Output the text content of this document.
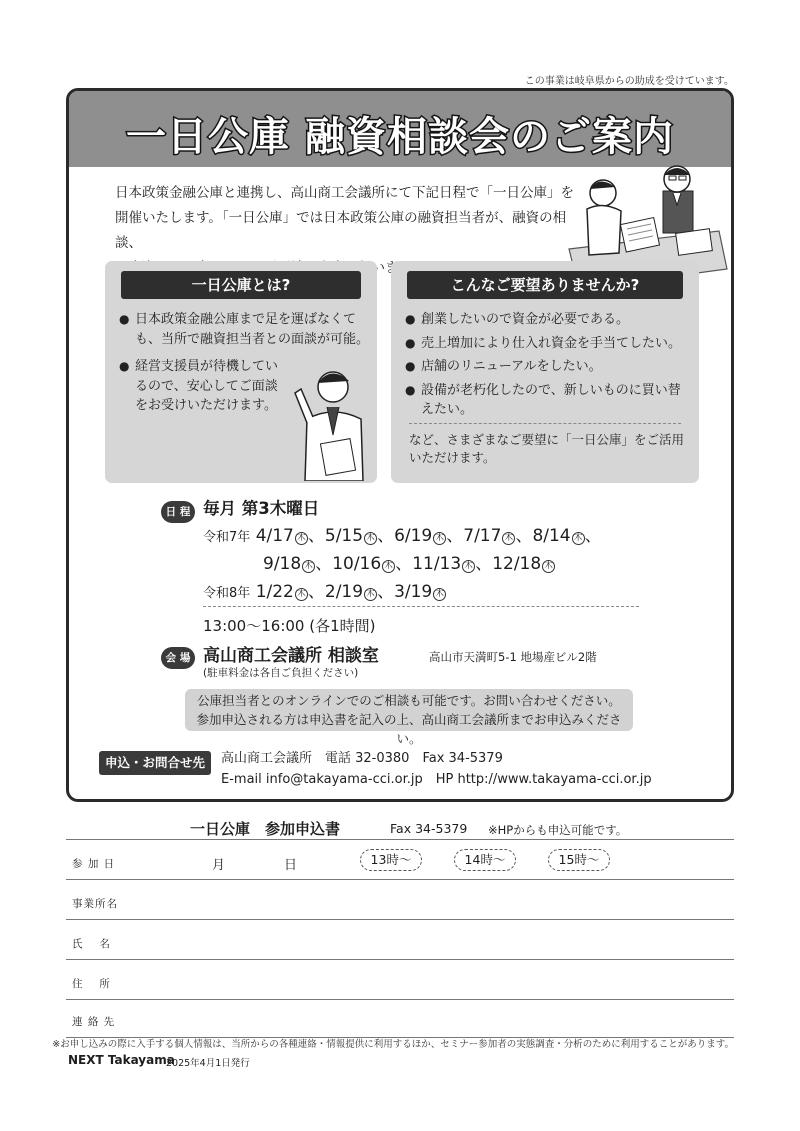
この事業は岐阜県からの助成を受けています。
一日公庫 融資相談会のご案内
日本政策金融公庫と連携し、高山商工会議所にて下記日程で「一日公庫」を
開催いたします。「一日公庫」では日本政策公庫の融資担当者が、融資の相談、
一日公庫とは?
● 日本政策金融公庫まで足を運ばなくても、当所で融資担当者との面談が可能。
● 経営支援員が待機しているので、安心してご面談をお受けいただけます。
こんなご要望ありませんか?
● 創業したいので資金が必要である。
● 売上増加により仕入れ資金を手当てしたい。
● 店舗のリニューアルをしたい。
● 設備が老朽化したので、新しいものに買い替えたい。
など、さまざまなご要望に「一日公庫」をご活用いただけます。
日 程 毎月 第3木曜日
令和7年 4/17 木 、5/15 木 、6/19 木 、7/17 木 、8/14 木 、
9/18 木 、10/16 木 、11/13 木 、12/18 木
令和8年 1/22 木 、2/19 木 、3/19 木
13:00〜16:00 (各1時間)
会 場 高山商工会議所 相談室	高山市天満町5-1 地場産ビル2階
(駐車料金は各自ご負担ください)
公庫担当者とのオンラインでのご相談も可能です。お問い合わせください。
参加申込される方は申込書を記入の上、高山商工会議所までお申込みください。
申込・お問合せ先	高山商工会議所　電話 32-0380　Fax 34-5379
E-mail info@takayama-cci.or.jp　HP http://www.takayama-cci.or.jp
一日公庫　参加申込書	Fax 34-5379 ※HPからも申込可能です。
参 加 日	月	日	13時〜	14時〜	15時〜
事業所名
氏　 名
住　 所
連 絡 先
※お申し込みの際に入手する個人情報は、当所からの各種連絡・情報提供に利用するほか、セミナー参加者の実態調査・分析のために利用することがあります。
NEXT Takayama
2025年4月1日発行
